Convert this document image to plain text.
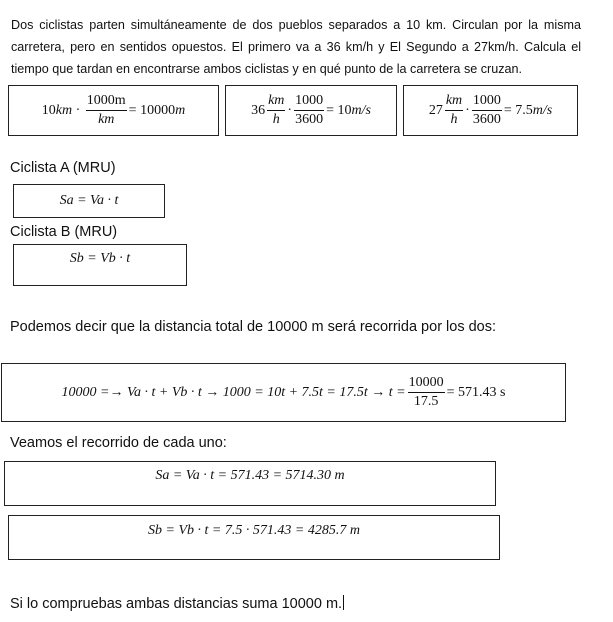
Dos ciclistas parten simultáneamente de dos pueblos separados a 10 km. Circulan por la misma carretera, pero en sentidos opuestos. El primero va a 36 km/h y El Segundo a 27km/h. Calcula el tiempo que tardan en encontrarse ambos ciclistas y en qué punto de la carretera se cruzan.
10 km · $\frac{1000m}{km} = 10000$ m	$36 \frac{km}{h} \cdot \frac{1000}{3600} = 10$ m/s	$27 \frac{km}{h} \cdot \frac{1000}{3600} = 7.5$ m/s
Ciclista A (MRU)
Sa = Va · t
Ciclista B (MRU)
Sb = Vb · t
Podemos decir que la distancia total de 10000 m será recorrida por los dos:
$10000 =\to Va \cdot t + Vb \cdot t \to 1000 = 10t + 7.5t = 17.5t \to t = \frac{10000}{17.5} = 571.43$ s
Veamos el recorrido de cada uno:
Sa = Va · t = 571.43 = 5714.30 m
Sb = Vb · t = 7.5 · 571.43 = 4285.7 m
Si lo compruebas ambas distancias suma 10000 m.
